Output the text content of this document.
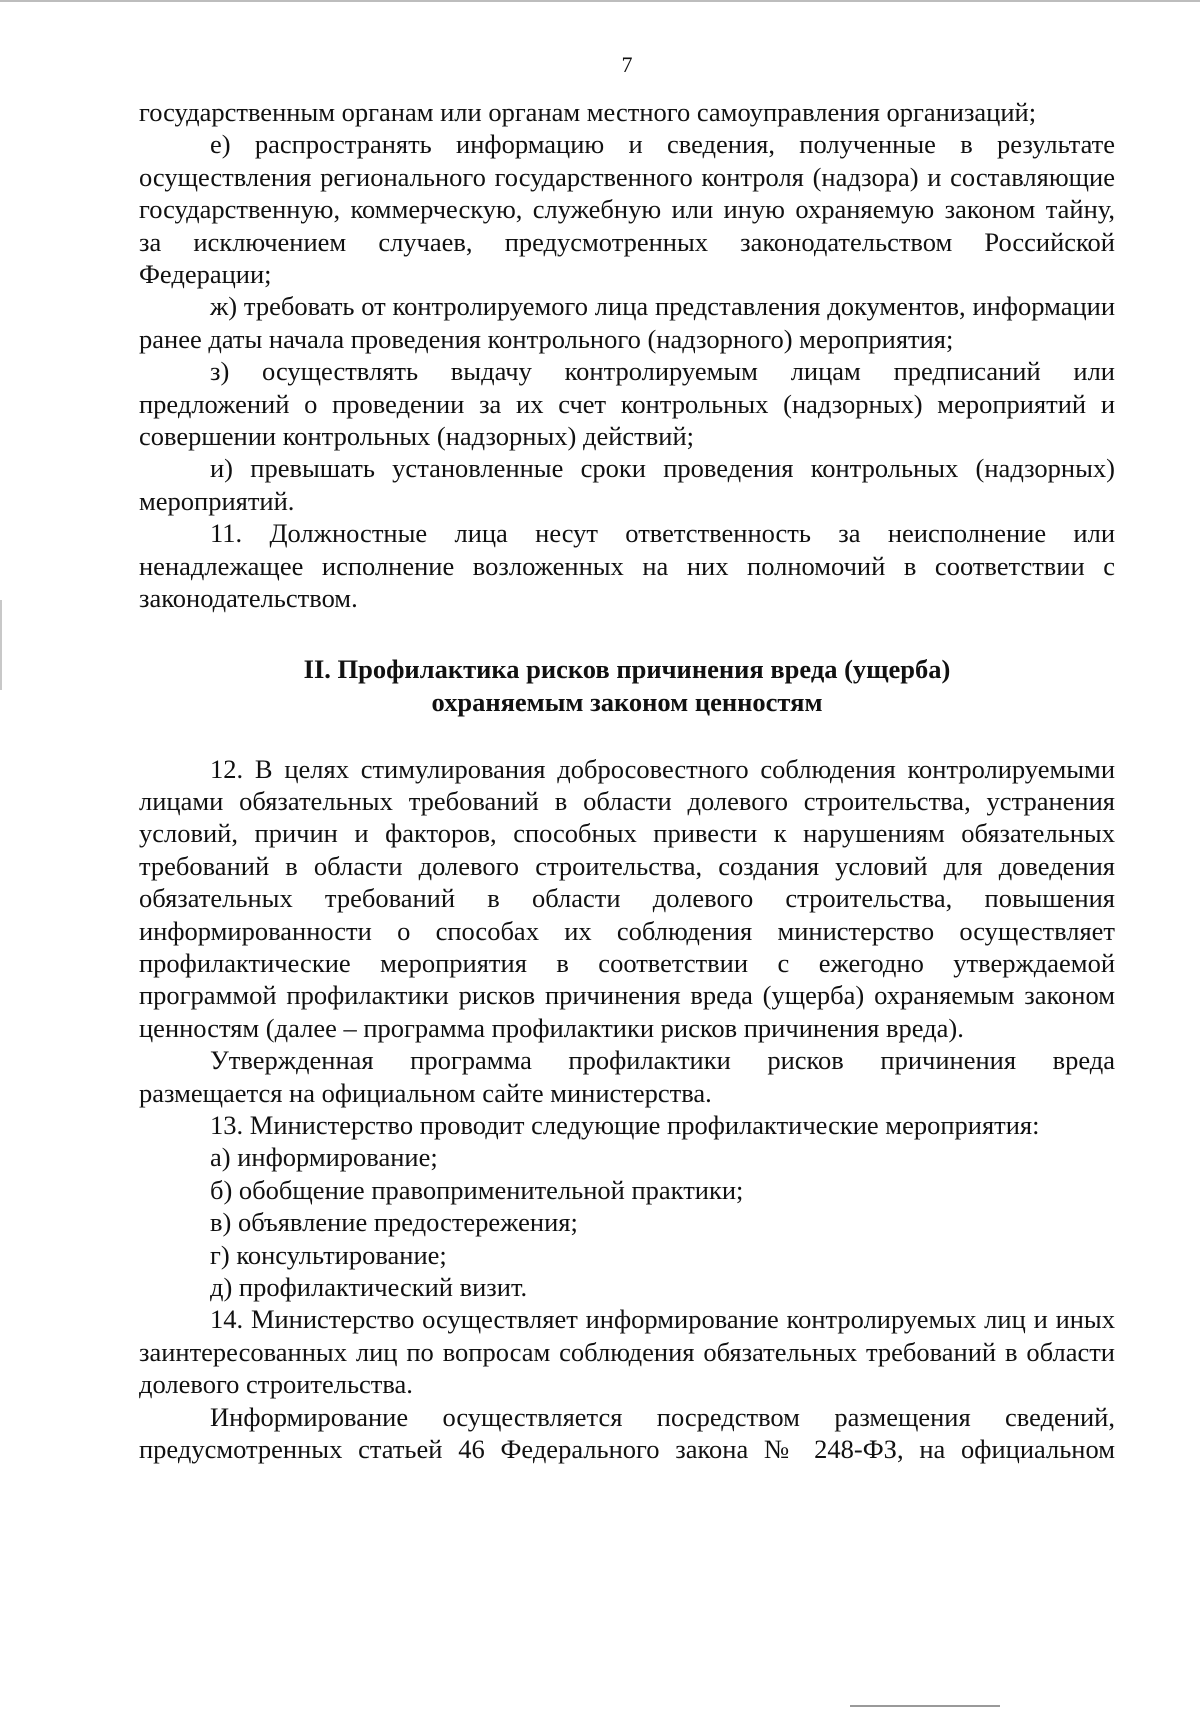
7

государственным органам или органам местного самоуправления организаций;

е) распространять информацию и сведения, полученные в результате осуществления регионального государственного контроля (надзора) и составляющие государственную, коммерческую, служебную или иную охраняемую законом тайну, за исключением случаев, предусмотренных законодательством Российской Федерации;

ж) требовать от контролируемого лица представления документов, информации ранее даты начала проведения контрольного (надзорного) мероприятия;

з) осуществлять выдачу контролируемым лицам предписаний или предложений о проведении за их счет контрольных (надзорных) мероприятий и совершении контрольных (надзорных) действий;

и) превышать установленные сроки проведения контрольных (надзорных) мероприятий.

11. Должностные лица несут ответственность за неисполнение или ненадлежащее исполнение возложенных на них полномочий в соответствии с законодательством.

II. Профилактика рисков причинения вреда (ущерба)
охраняемым законом ценностям

12. В целях стимулирования добросовестного соблюдения контролируемыми лицами обязательных требований в области долевого строительства, устранения условий, причин и факторов, способных привести к нарушениям обязательных требований в области долевого строительства, создания условий для доведения обязательных требований в области долевого строительства, повышения информированности о способах их соблюдения министерство осуществляет профилактические мероприятия в соответствии с ежегодно утверждаемой программой профилактики рисков причинения вреда (ущерба) охраняемым законом ценностям (далее – программа профилактики рисков причинения вреда).

Утвержденная программа профилактики рисков причинения вреда размещается на официальном сайте министерства.

13. Министерство проводит следующие профилактические мероприятия:

а) информирование;

б) обобщение правоприменительной практики;

в) объявление предостережения;

г) консультирование;

д) профилактический визит.

14. Министерство осуществляет информирование контролируемых лиц и иных заинтересованных лиц по вопросам соблюдения обязательных требований в области долевого строительства.

Информирование осуществляется посредством размещения сведений, предусмотренных статьей 46 Федерального закона № 248-ФЗ, на официальном
